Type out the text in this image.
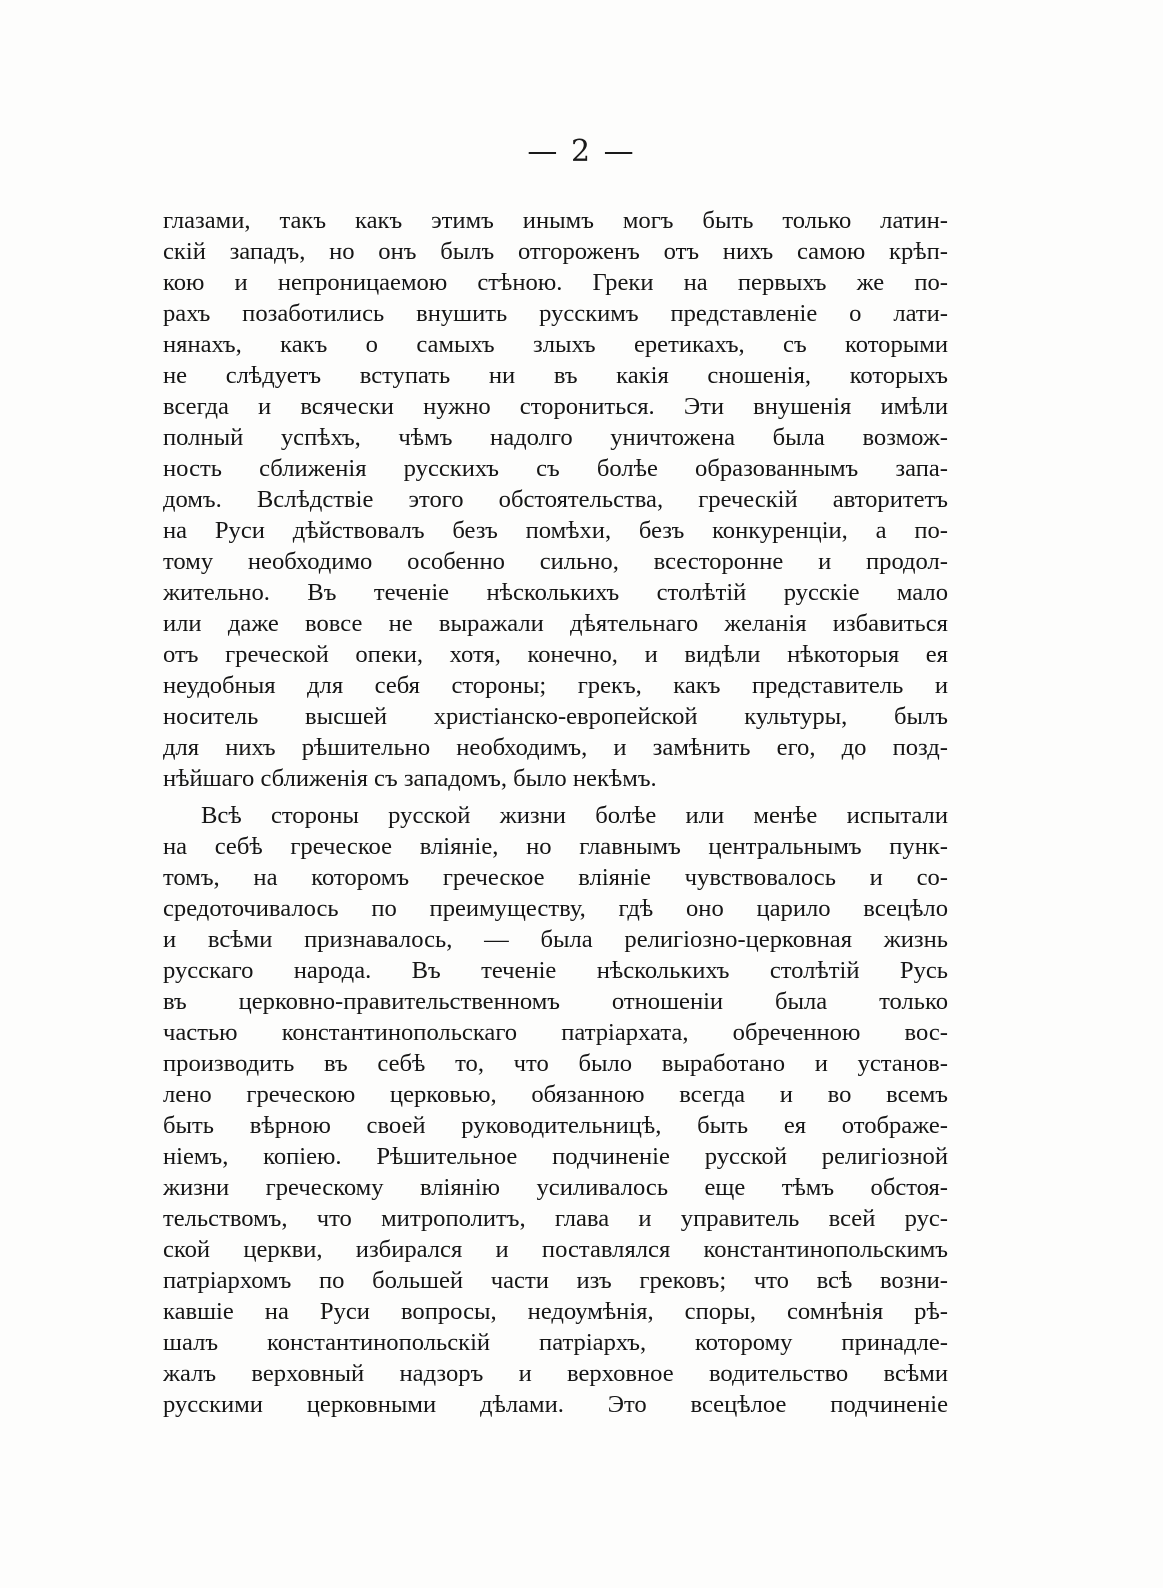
— 2 —
глазами, такъ какъ этимъ инымъ могъ быть только латин-
скій западъ, но онъ былъ отгороженъ отъ нихъ самою крѣп-
кою и непроницаемою стѣною. Греки на первыхъ же по-
рахъ позаботились внушить русскимъ представленіе о лати-
нянахъ, какъ о самыхъ злыхъ еретикахъ, съ которыми
не слѣдуетъ вступать ни въ какія сношенія, которыхъ
всегда и всячески нужно сторониться. Эти внушенія имѣли
полный успѣхъ, чѣмъ надолго уничтожена была возмож-
ность сближенія русскихъ съ болѣе образованнымъ запа-
домъ. Вслѣдствіе этого обстоятельства, греческій авторитетъ
на Руси дѣйствовалъ безъ помѣхи, безъ конкуренціи, а по-
тому необходимо особенно сильно, всесторонне и продол-
жительно. Въ теченіе нѣсколькихъ столѣтій русскіе мало
или даже вовсе не выражали дѣятельнаго желанія избавиться
отъ греческой опеки, хотя, конечно, и видѣли нѣкоторыя ея
неудобныя для себя стороны; грекъ, какъ представитель и
носитель высшей христіанско-европейской культуры, былъ
для нихъ рѣшительно необходимъ, и замѣнить его, до позд-
нѣйшаго сближенія съ западомъ, было некѣмъ.
Всѣ стороны русской жизни болѣе или менѣе испытали
на себѣ греческое вліяніе, но главнымъ центральнымъ пунк-
томъ, на которомъ греческое вліяніе чувствовалось и со-
средоточивалось по преимуществу, гдѣ оно царило всецѣло
и всѣми признавалось, — была религіозно-церковная жизнь
русскаго народа. Въ теченіе нѣсколькихъ столѣтій Русь
въ церковно-правительственномъ отношеніи была только
частью константинопольскаго патріархата, обреченною вос-
производить въ себѣ то, что было выработано и установ-
лено греческою церковью, обязанною всегда и во всемъ
быть вѣрною своей руководительницѣ, быть ея отображе-
ніемъ, копіею. Рѣшительное подчиненіе русской религіозной
жизни греческому вліянію усиливалось еще тѣмъ обстоя-
тельствомъ, что митрополитъ, глава и управитель всей рус-
ской церкви, избирался и поставлялся константинопольскимъ
патріархомъ по большей части изъ грековъ; что всѣ возни-
кавшіе на Руси вопросы, недоумѣнія, споры, сомнѣнія рѣ-
шалъ константинопольскій патріархъ, которому принадле-
жалъ верховный надзоръ и верховное водительство всѣми
русскими церковными дѣлами. Это всецѣлое подчиненіе
